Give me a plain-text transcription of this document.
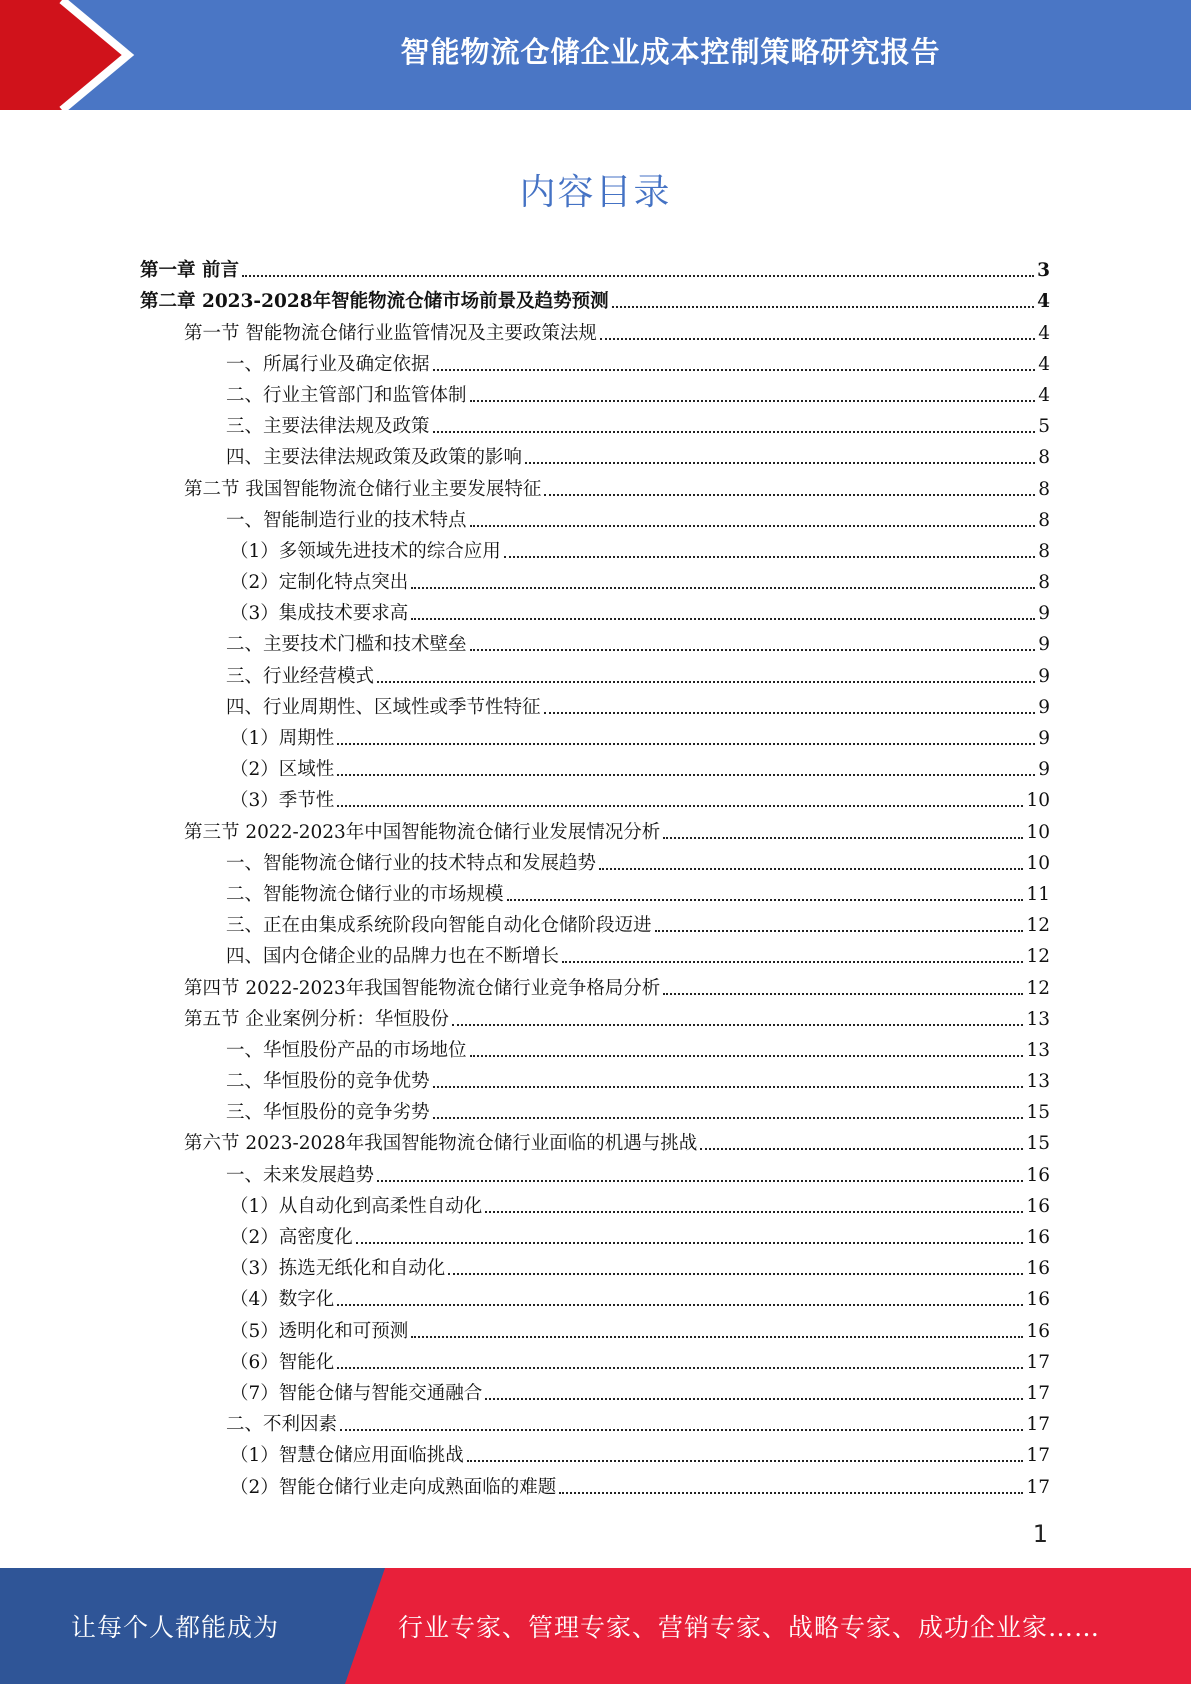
智能物流仓储企业成本控制策略研究报告
内容目录
第一章 前言	3
第二章 2023-2028年智能物流仓储市场前景及趋势预测	4
第一节 智能物流仓储行业监管情况及主要政策法规	4
一、所属行业及确定依据	4
二、行业主管部门和监管体制	4
三、主要法律法规及政策	5
四、主要法律法规政策及政策的影响	8
第二节 我国智能物流仓储行业主要发展特征	8
一、智能制造行业的技术特点	8
（1）多领域先进技术的综合应用	8
（2）定制化特点突出	8
（3）集成技术要求高	9
二、主要技术门槛和技术壁垒	9
三、行业经营模式	9
四、行业周期性、区域性或季节性特征	9
（1）周期性	9
（2）区域性	9
（3）季节性	10
第三节 2022-2023年中国智能物流仓储行业发展情况分析	10
一、智能物流仓储行业的技术特点和发展趋势	10
二、智能物流仓储行业的市场规模	11
三、正在由集成系统阶段向智能自动化仓储阶段迈进	12
四、国内仓储企业的品牌力也在不断增长	12
第四节 2022-2023年我国智能物流仓储行业竞争格局分析	12
第五节 企业案例分析：华恒股份	13
一、华恒股份产品的市场地位	13
二、华恒股份的竞争优势	13
三、华恒股份的竞争劣势	15
第六节 2023-2028年我国智能物流仓储行业面临的机遇与挑战	15
一、未来发展趋势	16
（1）从自动化到高柔性自动化	16
（2）高密度化	16
（3）拣选无纸化和自动化	16
（4）数字化	16
（5）透明化和可预测	16
（6）智能化	17
（7）智能仓储与智能交通融合	17
二、不利因素	17
（1）智慧仓储应用面临挑战	17
（2）智能仓储行业走向成熟面临的难题	17
1
让每个人都能成为	行业专家、管理专家、营销专家、战略专家、成功企业家……
